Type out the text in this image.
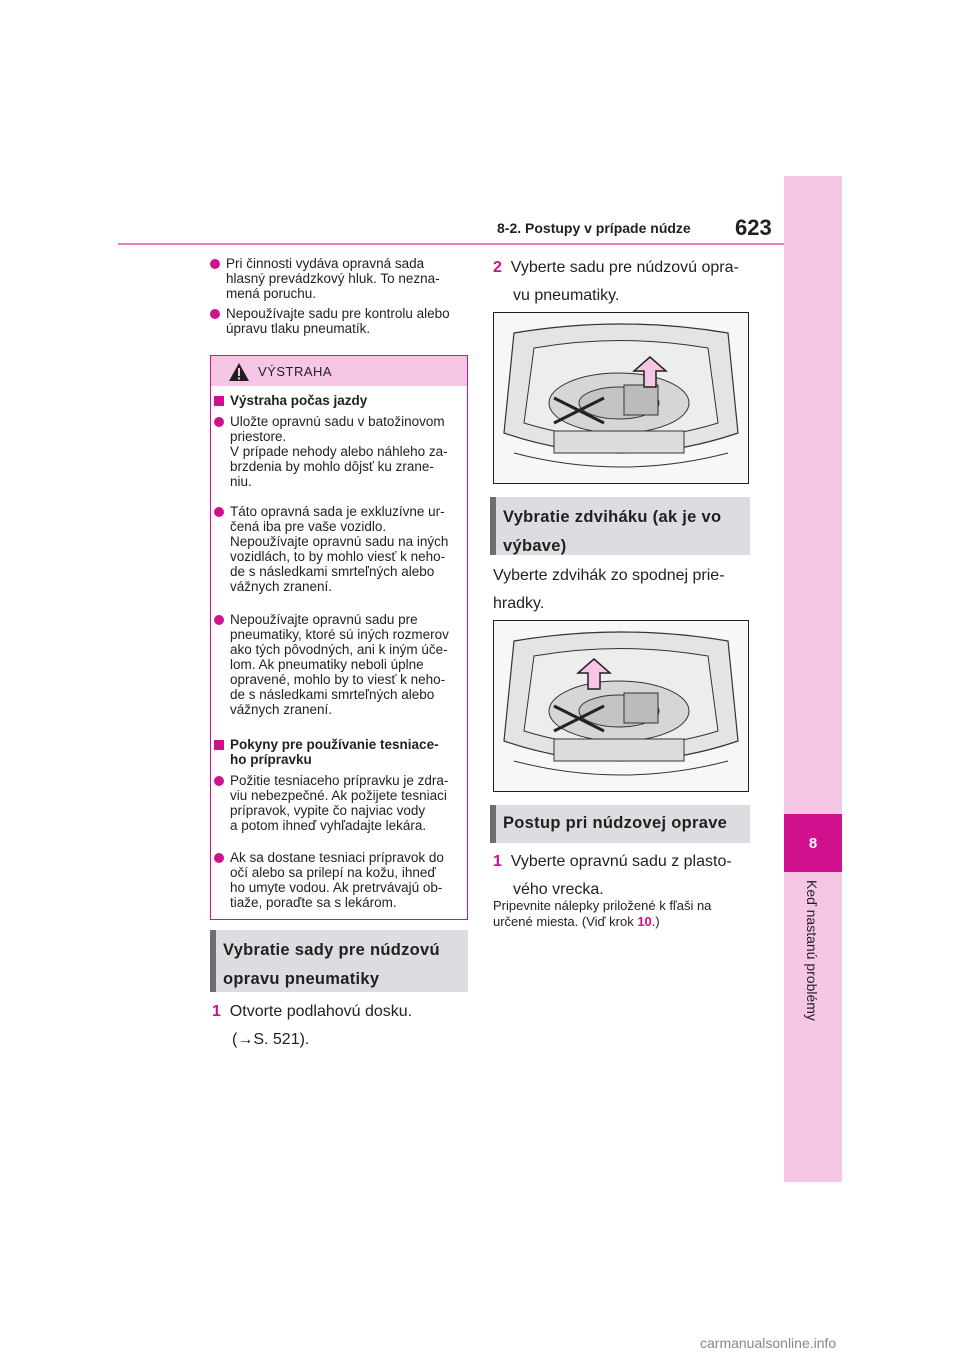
8
Keď nastanú problémy
8-2. Postupy v prípade núdze 623
Pri činnosti vydáva opravná sada
hlasný prevádzkový hluk. To nezna-
mená poruchu.
Nepoužívajte sadu pre kontrolu alebo
úpravu tlaku pneumatík.
VÝSTRAHA
Výstraha počas jazdy
Uložte opravnú sadu v batožinovom
priestore.
V prípade nehody alebo náhleho za-
brzdenia by mohlo dôjsť ku zrane-
niu.
Táto opravná sada je exkluzívne ur-
čená iba pre vaše vozidlo.
Nepoužívajte opravnú sadu na iných
vozidlách, to by mohlo viesť k neho-
de s následkami smrteľných alebo
vážnych zranení.
Nepoužívajte opravnú sadu pre
pneumatiky, ktoré sú iných rozmerov
ako tých pôvodných, ani k iným úče-
lom. Ak pneumatiky neboli úplne
opravené, mohlo by to viesť k neho-
de s následkami smrteľných alebo
vážnych zranení.
Pokyny pre používanie tesniace-
ho prípravku
Požitie tesniaceho prípravku je zdra-
viu nebezpečné. Ak požijete tesniaci
prípravok, vypite čo najviac vody
a potom ihneď vyhľadajte lekára.
Ak sa dostane tesniaci prípravok do
očí alebo sa prilepí na kožu, ihneď
ho umyte vodou. Ak pretrvávajú ob-
tiaže, poraďte sa s lekárom.
Vybratie sady pre núdzovú
opravu pneumatiky
1 Otvorte podlahovú dosku.
(→S. 521).
2 Vyberte sadu pre núdzovú opra-
vu pneumatiky.
Vybratie zdviháku (ak je vo
výbave)
Vyberte zdvihák zo spodnej prie-
hradky.
Postup pri núdzovej oprave
1 Vyberte opravnú sadu z plasto-
vého vrecka.
Pripevnite nálepky priložené k fľaši na
určené miesta. (Viď krok 10.)
carmanualsonline.info
